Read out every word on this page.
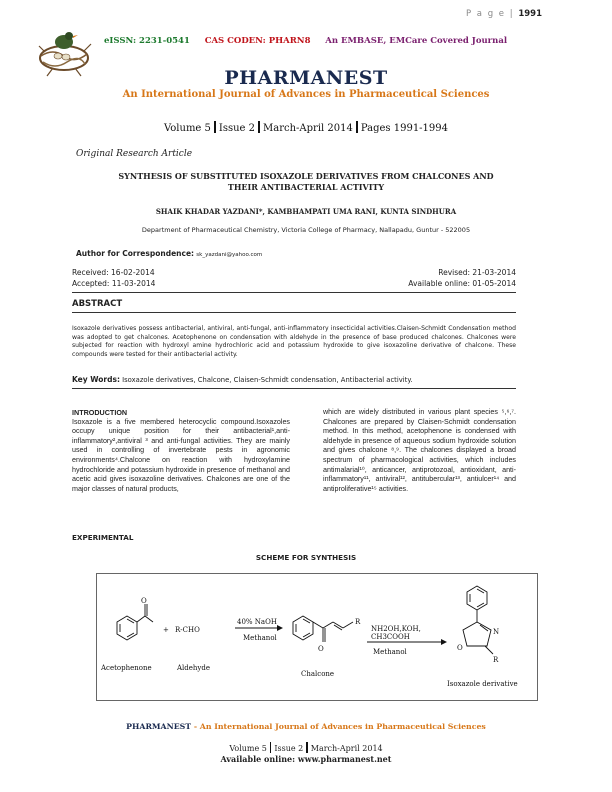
P a g e | 1991
eISSN: 2231-0541 CAS CODEN: PHARN8 An EMBASE, EMCare Covered Journal
PHARMANEST
An International Journal of Advances in Pharmaceutical Sciences
Volume 5 Issue 2 March-April 2014 Pages 1991-1994
Original Research Article
SYNTHESIS OF SUBSTITUTED ISOXAZOLE DERIVATIVES FROM CHALCONES AND
THEIR ANTIBACTERIAL ACTIVITY
SHAIK KHADAR YAZDANI*, KAMBHAMPATI UMA RANI, KUNTA SINDHURA
Department of Pharmaceutical Chemistry, Victoria College of Pharmacy, Nallapadu, Guntur - 522005
Author for Correspondence: sk_yazdani@yahoo.com
Received: 16-02-2014	Revised: 21-03-2014
Accepted: 11-03-2014	Available online: 01-05-2014
ABSTRACT
Isoxazole derivatives possess antibacterial, antiviral, anti-fungal, anti-inflammatory insecticidal activities.Claisen-Schmidt Condensation method was adopted to get chalcones. Acetophenone on condensation with aldehyde in the presence of base produced chalcones. Chalcones were subjected for reaction with hydroxyl amine hydrochloric acid and potassium hydroxide to give isoxazoline derivative of chalcone. These compounds were tested for their antibacterial activity.
Key Words: Isoxazole derivatives, Chalcone, Claisen-Schmidt condensation, Antibacterial activity.
INTRODUCTION
Isoxazole is a five membered heterocyclic compound.Isoxazoles occupy unique position for their antibacterial¹,anti-inflammatory²,antiviral ³ and anti-fungal activities. They are mainly used in controlling of invertebrate pests in agronomic environments⁴.Chalcone on reaction with hydroxylamine hydrochloride and potassium hydroxide in presence of methanol and acetic acid gives isoxazoline derivatives. Chalcones are one of the major classes of natural products,
which are widely distributed in various plant species ⁵,⁶,⁷. Chalcones are prepared by Claisen-Schmidt condensation method. In this method, acetophenone is condensed with aldehyde in presence of aqueous sodium hydroxide solution and gives chalcone ⁸,⁹. The chalcones displayed a broad spectrum of pharmacological activities, which includes antimalarial¹⁰, anticancer, antiprotozoal, antioxidant, anti-inflammatory¹¹, antiviral¹², antitubercular¹³, antiulcer¹⁴ and antiproliferative¹⁵ activities.
EXPERIMENTAL
SCHEME FOR SYNTHESIS
O
O
R
N
O
R
+ R-CHO
40% NaOH
Methanol
NH2OH,KOH,
CH3COOH
Methanol
Acetophenone	Aldehyde
Chalcone
Isoxazole derivative
PHARMANEST - An International Journal of Advances in Pharmaceutical Sciences
Volume 5 Issue 2 March-April 2014
Available online: www.pharmanest.net
